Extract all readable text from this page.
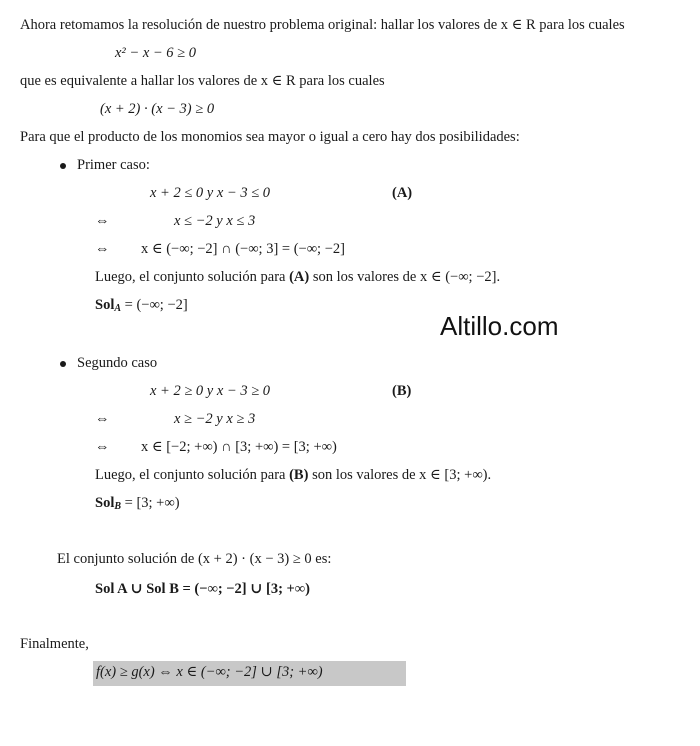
Ahora retomamos la resolución de nuestro problema original: hallar los valores de x ∈ R para los cuales
x² − x − 6 ≥ 0
que es equivalente a hallar los valores de x ∈ R para los cuales
(x + 2) · (x − 3) ≥ 0
Para que el producto de los monomios sea mayor o igual a cero hay dos posibilidades:
Primer caso:
x + 2 ≤ 0 y x − 3 ≤ 0	(A)
⇔	x ≤ −2 y x ≤ 3
⇔ x ∈ (−∞; −2] ∩ (−∞; 3] = (−∞; −2]
Luego, el conjunto solución para (A) son los valores de x ∈ (−∞; −2].
SolA = (−∞; −2]
Altillo.com
Segundo caso
x + 2 ≥ 0 y x − 3 ≥ 0	(B)
⇔	x ≥ −2 y x ≥ 3
⇔ x ∈ [−2; +∞) ∩ [3; +∞) = [3; +∞)
Luego, el conjunto solución para (B) son los valores de x ∈ [3; +∞).
SolB = [3; +∞)
El conjunto solución de (x + 2) · (x − 3) ≥ 0 es:
Sol A ∪ Sol B = (−∞; −2] ∪ [3; +∞)
Finalmente,
f(x) ≥ g(x) ⇔ x ∈ (−∞; −2] ∪ [3; +∞)
